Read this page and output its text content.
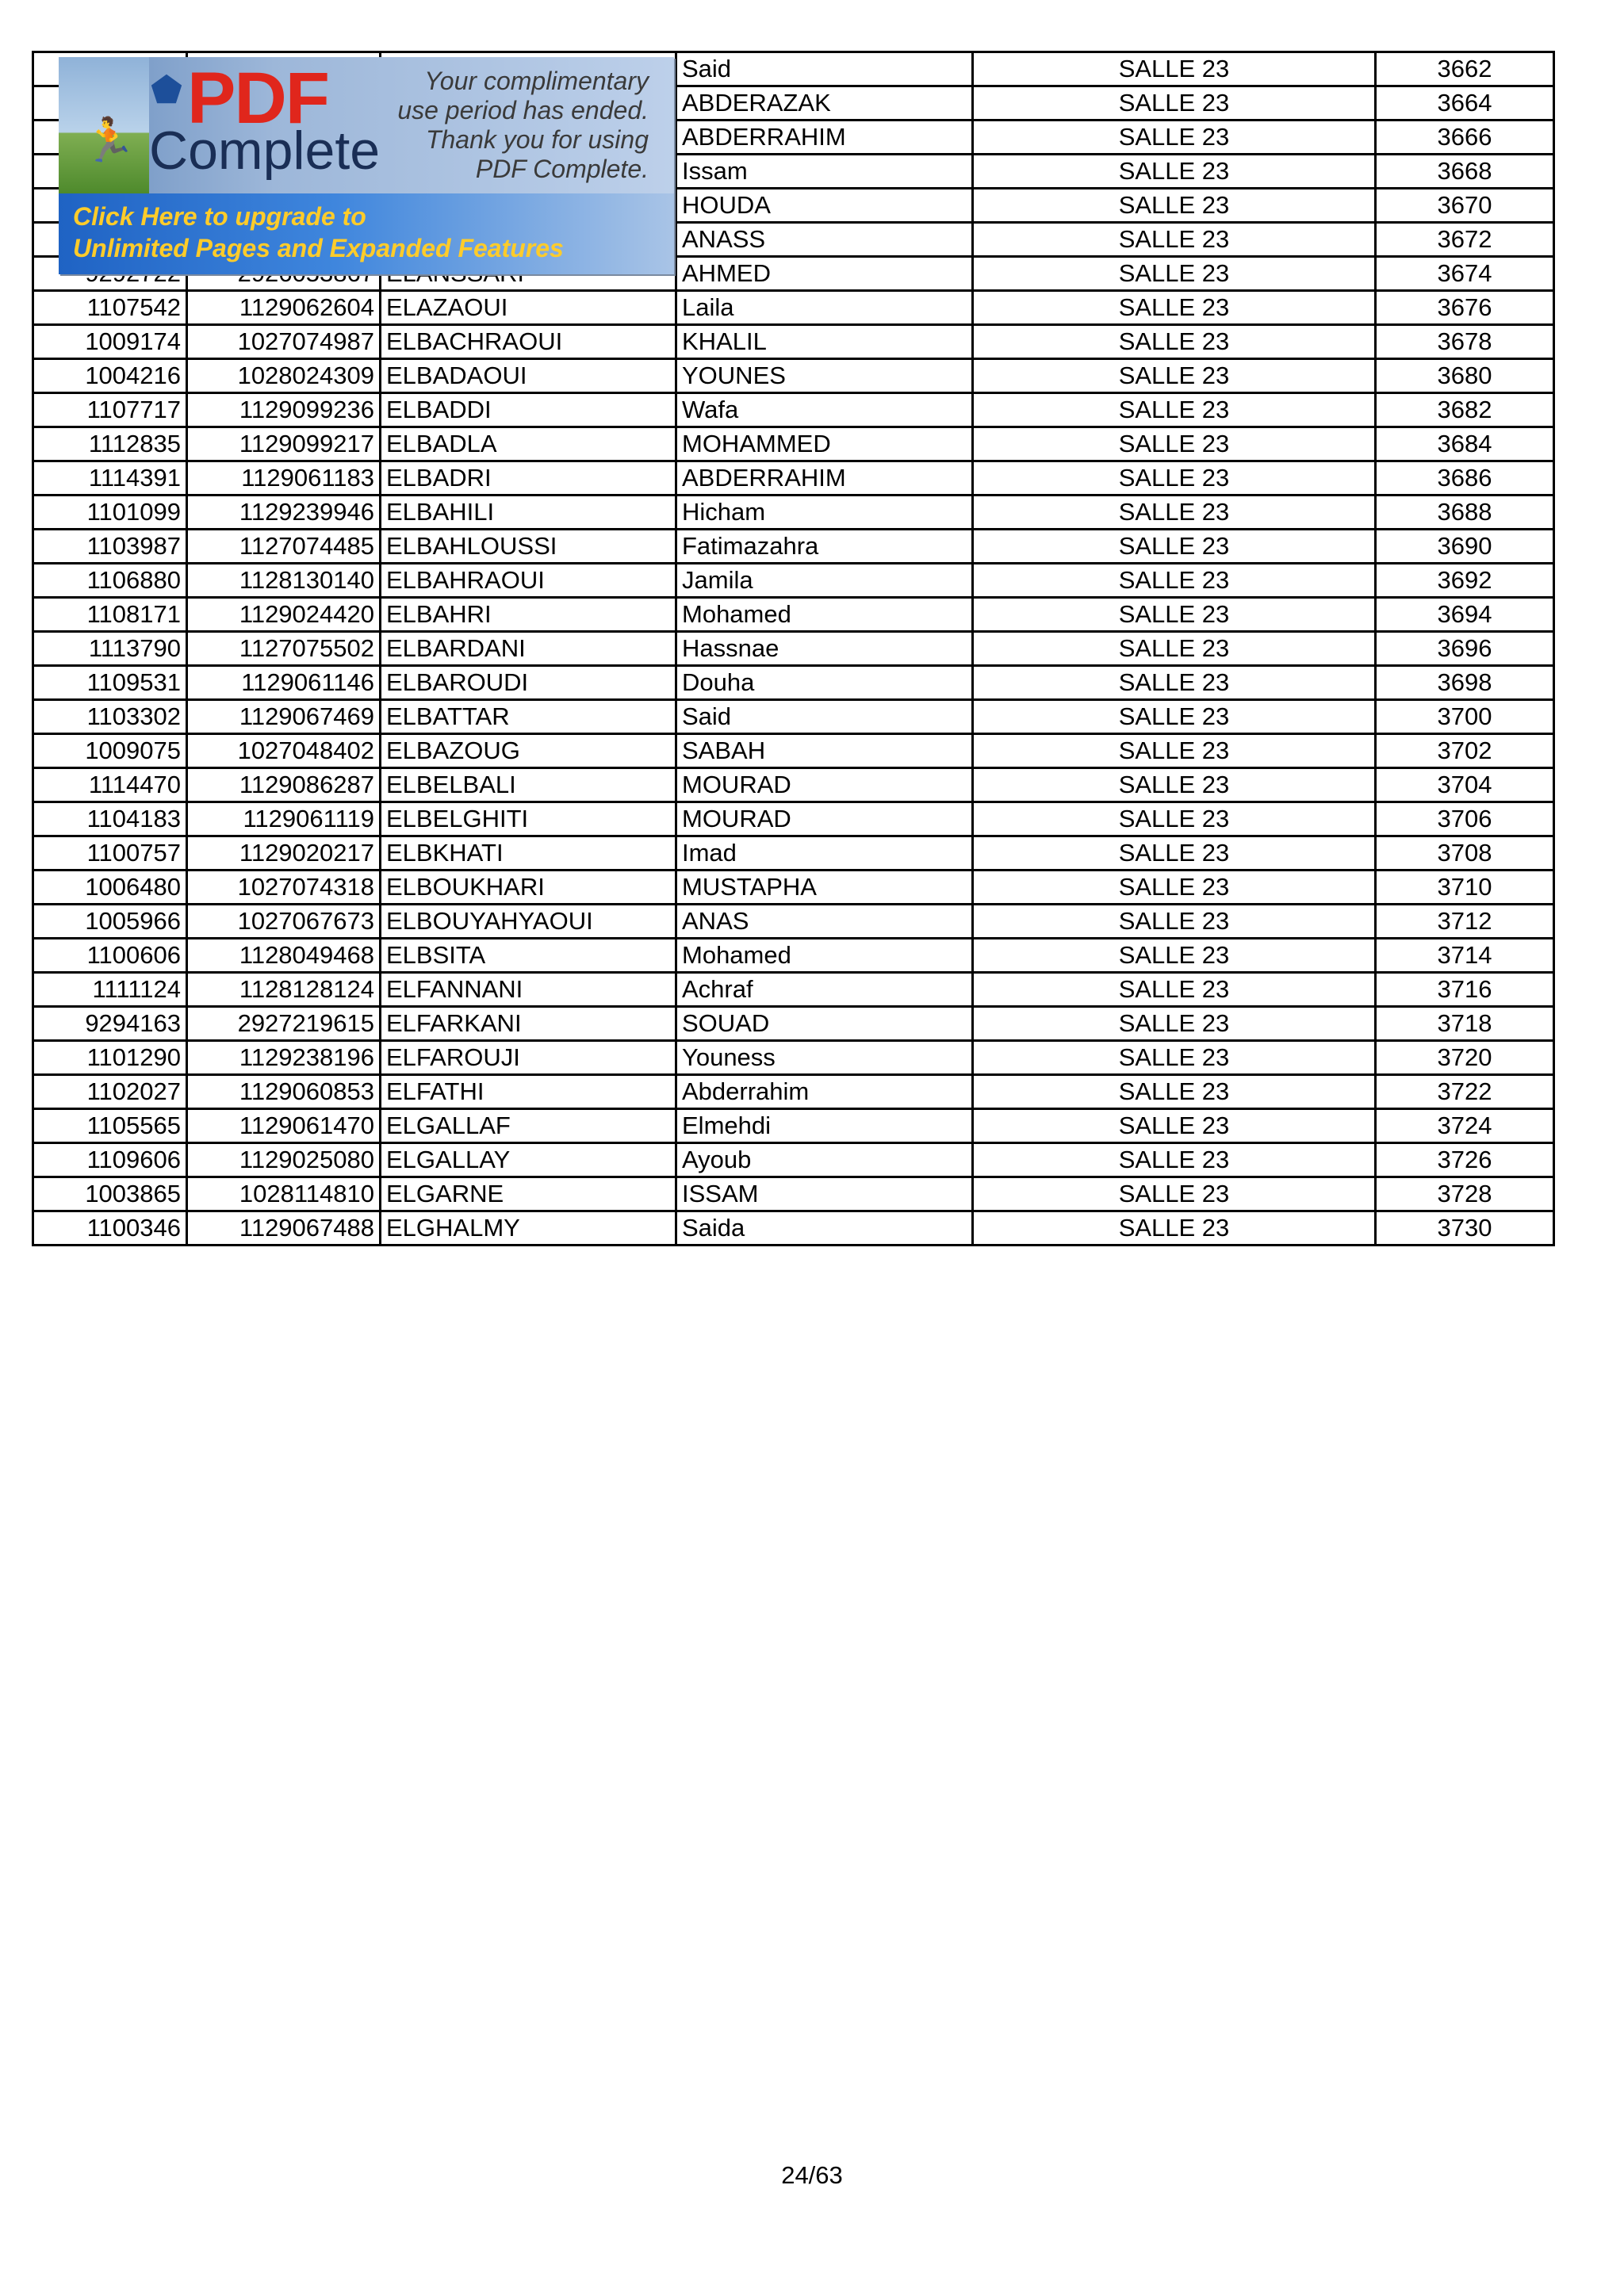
			Said	SALLE 23	3662
			ABDERAZAK	SALLE 23	3664
			ABDERRAHIM	SALLE 23	3666
			Issam	SALLE 23	3668
			HOUDA	SALLE 23	3670
			ANASS	SALLE 23	3672
			AHMED	SALLE 23	3674
1107542	1129062604	ELAZAOUI	Laila	SALLE 23	3676
1009174	1027074987	ELBACHRAOUI	KHALIL	SALLE 23	3678
1004216	1028024309	ELBADAOUI	YOUNES	SALLE 23	3680
1107717	1129099236	ELBADDI	Wafa	SALLE 23	3682
1112835	1129099217	ELBADLA	MOHAMMED	SALLE 23	3684
1114391	1129061183	ELBADRI	ABDERRAHIM	SALLE 23	3686
1101099	1129239946	ELBAHILI	Hicham	SALLE 23	3688
1103987	1127074485	ELBAHLOUSSI	Fatimazahra	SALLE 23	3690
1106880	1128130140	ELBAHRAOUI	Jamila	SALLE 23	3692
1108171	1129024420	ELBAHRI	Mohamed	SALLE 23	3694
1113790	1127075502	ELBARDANI	Hassnae	SALLE 23	3696
1109531	1129061146	ELBAROUDI	Douha	SALLE 23	3698
1103302	1129067469	ELBATTAR	Said	SALLE 23	3700
1009075	1027048402	ELBAZOUG	SABAH	SALLE 23	3702
1114470	1129086287	ELBELBALI	MOURAD	SALLE 23	3704
1104183	1129061119	ELBELGHITI	MOURAD	SALLE 23	3706
1100757	1129020217	ELBKHATI	Imad	SALLE 23	3708
1006480	1027074318	ELBOUKHARI	MUSTAPHA	SALLE 23	3710
1005966	1027067673	ELBOUYAHYAOUI	ANAS	SALLE 23	3712
1100606	1128049468	ELBSITA	Mohamed	SALLE 23	3714
1111124	1128128124	ELFANNANI	Achraf	SALLE 23	3716
9294163	2927219615	ELFARKANI	SOUAD	SALLE 23	3718
1101290	1129238196	ELFAROUJI	Youness	SALLE 23	3720
1102027	1129060853	ELFATHI	Abderrahim	SALLE 23	3722
1105565	1129061470	ELGALLAF	Elmehdi	SALLE 23	3724
1109606	1129025080	ELGALLAY	Ayoub	SALLE 23	3726
1003865	1028114810	ELGARNE	ISSAM	SALLE 23	3728
1100346	1129067488	ELGHALMY	Saida	SALLE 23	3730
🏃
⬟ PDF
Complete
Your complimentary
use period has ended.
Thank you for using
PDF Complete.
Click Here to upgrade to
Unlimited Pages and Expanded Features
24/63
